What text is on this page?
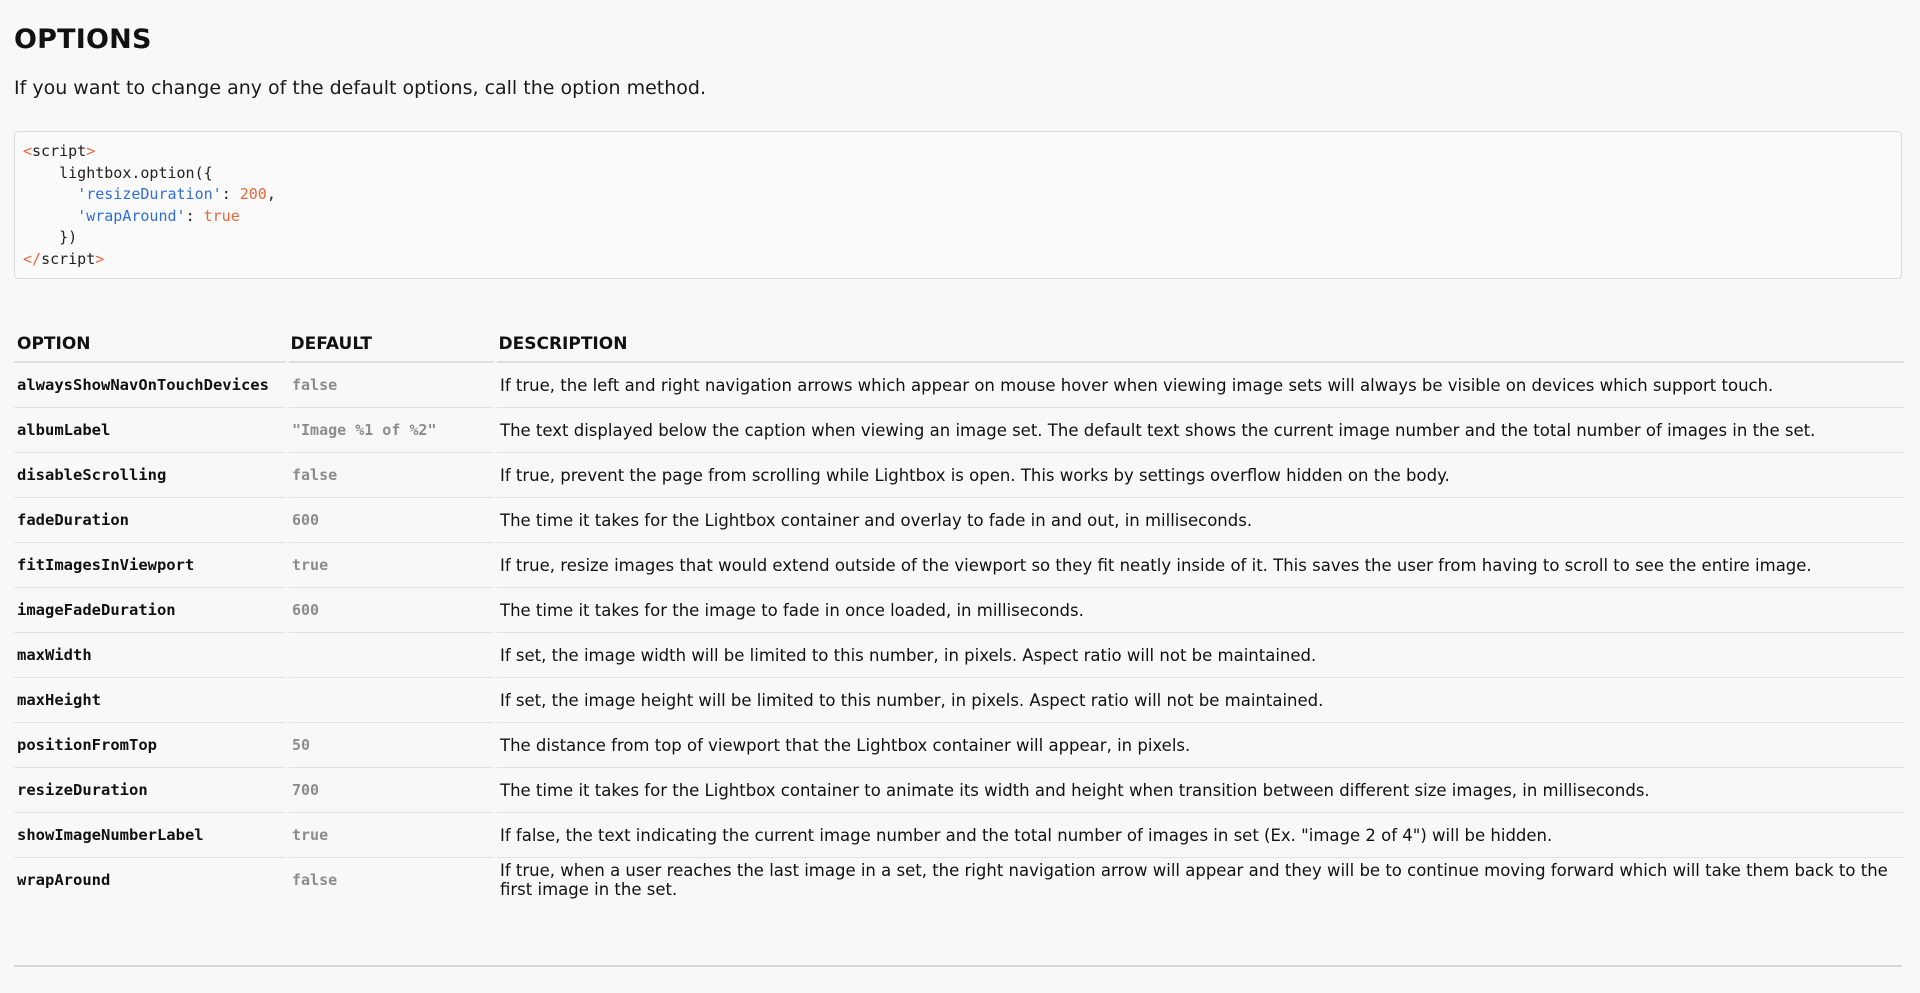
OPTIONS

If you want to change any of the default options, call the option method.

<script>
lightbox.option({
'resizeDuration': 200,
'wrapAround': true
})
</script>
OPTION	DEFAULT	DESCRIPTION
alwaysShowNavOnTouchDevices	false	If true, the left and right navigation arrows which appear on mouse hover when viewing image sets will always be visible on devices which support touch.
albumLabel	"Image %1 of %2"	The text displayed below the caption when viewing an image set. The default text shows the current image number and the total number of images in the set.
disableScrolling	false	If true, prevent the page from scrolling while Lightbox is open. This works by settings overflow hidden on the body.
fadeDuration	600	The time it takes for the Lightbox container and overlay to fade in and out, in milliseconds.
fitImagesInViewport	true	If true, resize images that would extend outside of the viewport so they fit neatly inside of it. This saves the user from having to scroll to see the entire image.
imageFadeDuration	600	The time it takes for the image to fade in once loaded, in milliseconds.
maxWidth		If set, the image width will be limited to this number, in pixels. Aspect ratio will not be maintained.
maxHeight		If set, the image height will be limited to this number, in pixels. Aspect ratio will not be maintained.
positionFromTop	50	The distance from top of viewport that the Lightbox container will appear, in pixels.
resizeDuration	700	The time it takes for the Lightbox container to animate its width and height when transition between different size images, in milliseconds.
showImageNumberLabel	true	If false, the text indicating the current image number and the total number of images in set (Ex. "image 2 of 4") will be hidden.
wrapAround	false	If true, when a user reaches the last image in a set, the right navigation arrow will appear and they will be to continue moving forward which will take them back to the first image in the set.
